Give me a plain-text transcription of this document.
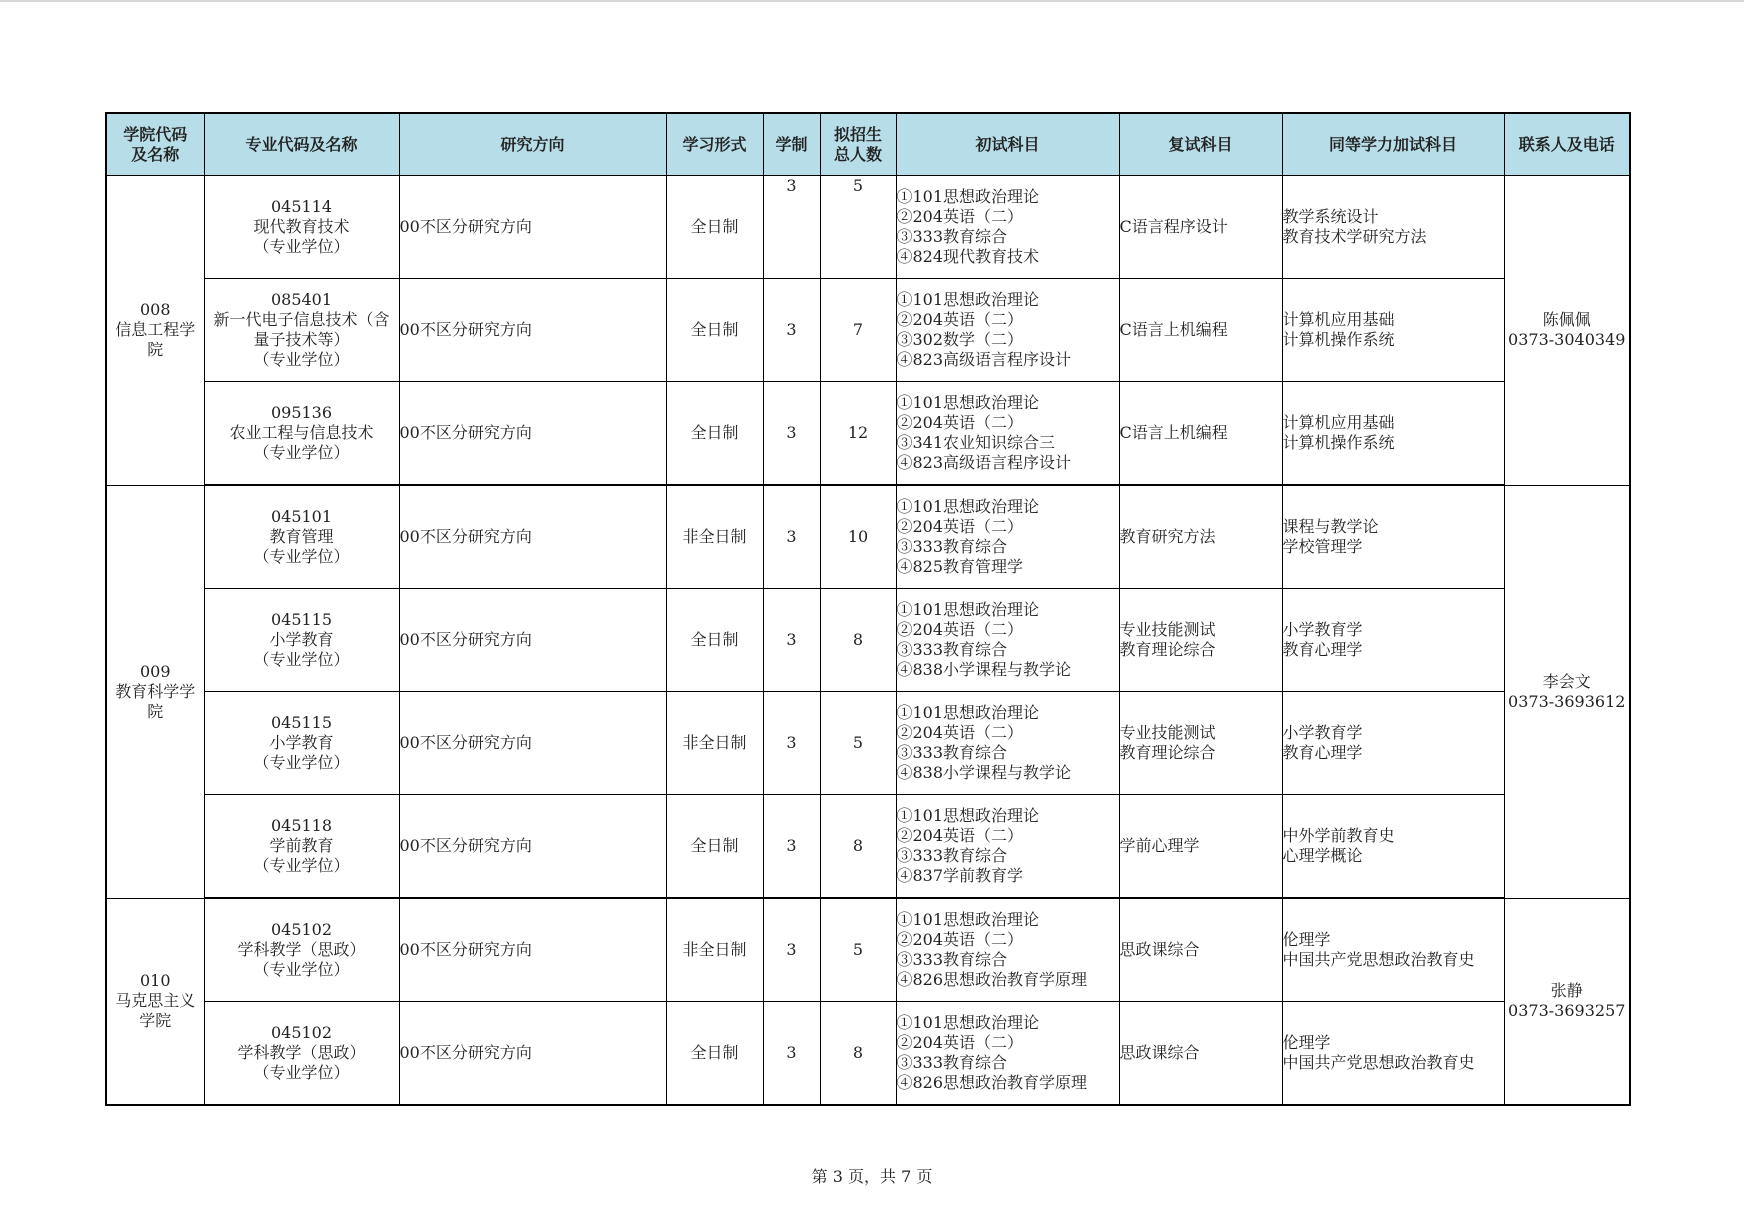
学院代码
及名称	专业代码及名称	研究方向	学习形式	学制	拟招生
总人数	初试科目	复试科目	同等学力加试科目	联系人及电话

008
信息工程学
院	045114
现代教育技术
（专业学位）	00不区分研究方向	全日制	3	5	①101思想政治理论
②204英语（二）
③333教育综合
④824现代教育技术	C语言程序设计	教学系统设计
教育技术学研究方法	陈佩佩
0373-3040349

	085401
新一代电子信息技术（含
量子技术等）
（专业学位）	00不区分研究方向	全日制	3	7	①101思想政治理论
②204英语（二）
③302数学（二）
④823高级语言程序设计	C语言上机编程	计算机应用基础
计算机操作系统	

	095136
农业工程与信息技术
（专业学位）	00不区分研究方向	全日制	3	12	①101思想政治理论
②204英语（二）
③341农业知识综合三
④823高级语言程序设计	C语言上机编程	计算机应用基础
计算机操作系统	

009
教育科学学
院	045101
教育管理
（专业学位）	00不区分研究方向	非全日制	3	10	①101思想政治理论
②204英语（二）
③333教育综合
④825教育管理学	教育研究方法	课程与教学论
学校管理学	李会文
0373-3693612

	045115
小学教育
（专业学位）	00不区分研究方向	全日制	3	8	①101思想政治理论
②204英语（二）
③333教育综合
④838小学课程与教学论	专业技能测试
教育理论综合	小学教育学
教育心理学	

	045115
小学教育
（专业学位）	00不区分研究方向	非全日制	3	5	①101思想政治理论
②204英语（二）
③333教育综合
④838小学课程与教学论	专业技能测试
教育理论综合	小学教育学
教育心理学	

	045118
学前教育
（专业学位）	00不区分研究方向	全日制	3	8	①101思想政治理论
②204英语（二）
③333教育综合
④837学前教育学	学前心理学	中外学前教育史
心理学概论	

010
马克思主义
学院	045102
学科教学（思政）
（专业学位）	00不区分研究方向	非全日制	3	5	①101思想政治理论
②204英语（二）
③333教育综合
④826思想政治教育学原理	思政课综合	伦理学
中国共产党思想政治教育史	张静
0373-3693257

	045102
学科教学（思政）
（专业学位）	00不区分研究方向	全日制	3	8	①101思想政治理论
②204英语（二）
③333教育综合
④826思想政治教育学原理	思政课综合	伦理学
中国共产党思想政治教育史	
第 3 页，共 7 页
